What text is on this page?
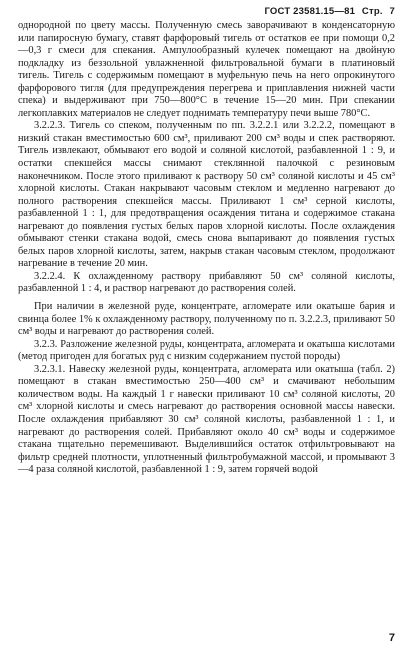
ГОСТ 23581.15—81 Стр. 7

однородной по цвету массы. Полученную смесь заворачивают в конденсаторную или папиросную бумагу, ставят фарфоровый тигель от остатков ее при помощи 0,2—0,3 г смеси для спекания. Ампулообразный кулечек помещают на двойную подкладку из беззольной увлажненной фильтровальной бумаги в платиновый тигель. Тигель с содержимым помещают в муфельную печь на него опрокинутого фарфорового тигля (для предупреждения перегрева и приплавления нижней части спека) и выдерживают при 750—800°С в течение 15—20 мин. При спекании легкоплавких материалов не следует поднимать температуру печи выше 780°С.

3.2.2.3. Тигель со спеком, полученным по пп. 3.2.2.1 или 3.2.2.2, помещают в низкий стакан вместимостью 600 см³, приливают 200 см³ воды и спек растворяют. Тигель извлекают, обмывают его водой и соляной кислотой, разбавленной 1 : 9, и остатки спекшейся массы снимают стеклянной палочкой с резиновым наконечником. После этого приливают к раствору 50 см³ соляной кислоты и 45 см³ хлорной кислоты. Стакан накрывают часовым стеклом и медленно нагревают до полного растворения спекшейся массы. Приливают 1 см³ серной кислоты, разбавленной 1 : 1, для предотвращения осаждения титана и содержимое стакана нагревают до появления густых белых паров хлорной кислоты. После охлаждения обмывают стенки стакана водой, смесь снова выпаривают до появления густых белых паров хлорной кислоты, затем, накрыв стакан часовым стеклом, продолжают нагревание в течение 20 мин.

3.2.2.4. К охлажденному раствору прибавляют 50 см³ соляной кислоты, разбавленной 1 : 4, и раствор нагревают до растворения солей.

При наличии в железной руде, концентрате, агломерате или окатыше бария и свинца более 1% к охлажденному раствору, полученному по п. 3.2.2.3, приливают 50 см³ воды и нагревают до растворения солей.

3.2.3. Разложение железной руды, концентрата, агломерата и окатыша кислотами (метод пригоден для богатых руд с низким содержанием пустой породы)

3.2.3.1. Навеску железной руды, концентрата, агломерата или окатыша (табл. 2) помещают в стакан вместимостью 250—400 см³ и смачивают небольшим количеством воды. На каждый 1 г навески приливают 10 см³ соляной кислоты, 20 см³ хлорной кислоты и смесь нагревают до растворения основной массы навески. После охлаждения прибавляют 30 см³ соляной кислоты, разбавленной 1 : 1, и нагревают до растворения солей. Прибавляют около 40 см³ воды и содержимое стакана тщательно перемешивают. Выделившийся остаток отфильтровывают на фильтр средней плотности, уплотненный фильтробумажной массой, и промывают 3—4 раза соляной кислотой, разбавленной 1 : 9, затем горячей водой

7
